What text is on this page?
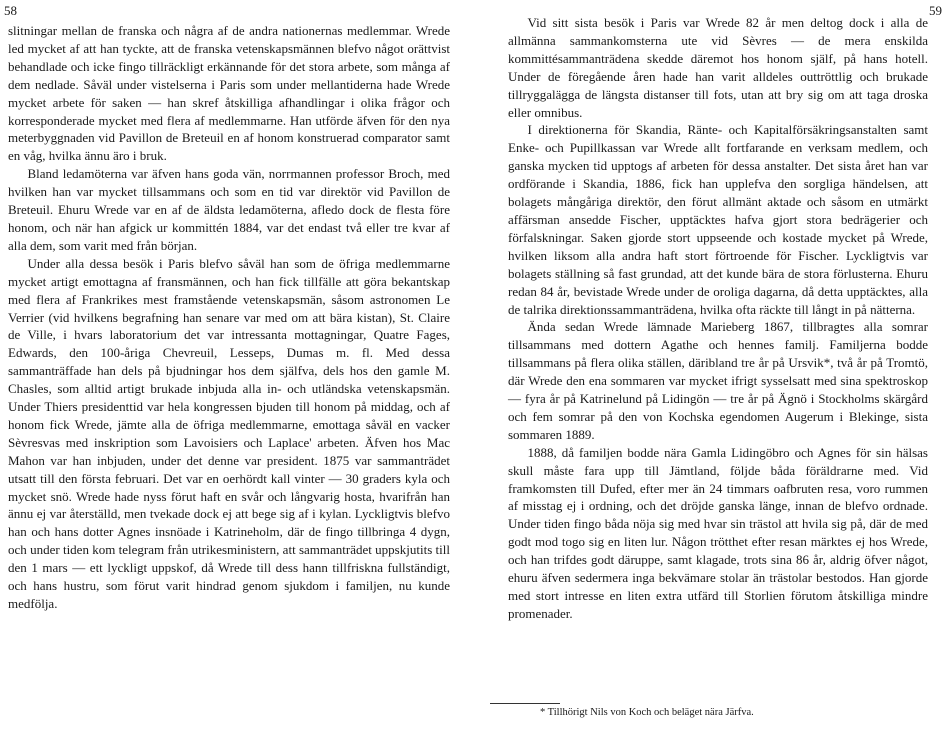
58

slitningar mellan de franska och några af de andra nationernas medlemmar. Wrede led mycket af att han tyckte, att de franska vetenskapsmännen blefvo något orättvist behandlade och icke fingo tillräckligt erkännande för det stora arbete, som många af dem nedlade. Såväl under vistelserna i Paris som under mellantiderna hade Wrede mycket arbete för saken — han skref åtskilliga afhandlingar i olika frågor och korresponderade mycket med flera af medlemmarne. Han utförde äfven för den nya meterbyggnaden vid Pavillon de Breteuil en af honom konstruerad comparator samt en våg, hvilka ännu äro i bruk.

Bland ledamöterna var äfven hans goda vän, norrmannen professor Broch, med hvilken han var mycket tillsammans och som en tid var direktör vid Pavillon de Breteuil. Ehuru Wrede var en af de äldsta ledamöterna, afledo dock de flesta före honom, och när han afgick ur kommittén 1884, var det endast två eller tre kvar af alla dem, som varit med från början.

Under alla dessa besök i Paris blefvo såväl han som de öfriga medlemmarne mycket artigt emottagna af fransmännen, och han fick tillfälle att göra bekantskap med flera af Frankrikes mest framstående vetenskapsmän, såsom astronomen Le Verrier (vid hvilkens begrafning han senare var med om att bära kistan), St. Claire de Ville, i hvars laboratorium det var intressanta mottagningar, Quatre Fages, Edwards, den 100-åriga Chevreuil, Lesseps, Dumas m. fl. Med dessa sammanträffade han dels på bjudningar hos dem själfva, dels hos den gamle M. Chasles, som alltid artigt brukade inbjuda alla in- och utländska vetenskapsmän. Under Thiers presidenttid var hela kongressen bjuden till honom på middag, och af honom fick Wrede, jämte alla de öfriga medlemmarne, emottaga såväl en vacker Sèvresvas med inskription som Lavoisiers och Laplace' arbeten. Äfven hos Mac Mahon var han inbjuden, under det denne var president. 1875 var sammanträdet utsatt till den första februari. Det var en oerhördt kall vinter — 30 graders kyla och mycket snö. Wrede hade nyss förut haft en svår och långvarig hosta, hvarifrån han ännu ej var återställd, men tvekade dock ej att bege sig af i kylan. Lyckligtvis blefvo han och hans dotter Agnes insnöade i Katrineholm, där de fingo tillbringa 4 dygn, och under tiden kom telegram från utrikesministern, att sammanträdet uppskjutits till den 1 mars — ett lyckligt uppskof, då Wrede till dess hann tillfriskna fullständigt, och hans hustru, som förut varit hindrad genom sjukdom i familjen, nu kunde medfölja.

59

Vid sitt sista besök i Paris var Wrede 82 år men deltog dock i alla de allmänna sammankomsterna ute vid Sèvres — de mera enskilda kommittésammanträdena skedde däremot hos honom själf, på hans hotell. Under de föregående åren hade han varit alldeles outtröttlig och brukade tillryggalägga de längsta distanser till fots, utan att bry sig om att taga droska eller omnibus.

I direktionerna för Skandia, Ränte- och Kapitalförsäkringsanstalten samt Enke- och Pupillkassan var Wrede allt fortfarande en verksam medlem, och ganska mycken tid upptogs af arbeten för dessa anstalter. Det sista året han var ordförande i Skandia, 1886, fick han upplefva den sorgliga händelsen, att bolagets mångåriga direktör, den förut allmänt aktade och såsom en utmärkt affärsman ansedde Fischer, upptäcktes hafva gjort stora bedrägerier och förfalskningar. Saken gjorde stort uppseende och kostade mycket på Wrede, hvilken liksom alla andra haft stort förtroende för Fischer. Lyckligtvis var bolagets ställning så fast grundad, att det kunde bära de stora förlusterna. Ehuru redan 84 år, bevistade Wrede under de oroliga dagarna, då detta upptäcktes, alla de talrika direktionssammanträdena, hvilka ofta räckte till långt in på nätterna.

Ända sedan Wrede lämnade Marieberg 1867, tillbragtes alla somrar tillsammans med dottern Agathe och hennes familj. Familjerna bodde tillsammans på flera olika ställen, däribland tre år på Ursvik*, två år på Tromtö, där Wrede den ena sommaren var mycket ifrigt sysselsatt med sina spektroskop — fyra år på Katrinelund på Lidingön — tre år på Ägnö i Stockholms skärgård och fem somrar på den von Kochska egendomen Augerum i Blekinge, sista sommaren 1889.

1888, då familjen bodde nära Gamla Lidingöbro och Agnes för sin hälsas skull måste fara upp till Jämtland, följde båda föräldrarne med. Vid framkomsten till Dufed, efter mer än 24 timmars oafbruten resa, voro rummen af misstag ej i ordning, och det dröjde ganska länge, innan de blefvo ordnade. Under tiden fingo båda nöja sig med hvar sin trästol att hvila sig på, där de med godt mod togo sig en liten lur. Någon trötthet efter resan märktes ej hos Wrede, och han trifdes godt däruppe, samt klagade, trots sina 86 år, aldrig öfver något, ehuru äfven sedermera inga bekvämare stolar än trästolar bestodos. Han gjorde med stort intresse en liten extra utfärd till Storlien förutom åtskilliga mindre promenader.

* Tillhörigt Nils von Koch och beläget nära Järfva.
